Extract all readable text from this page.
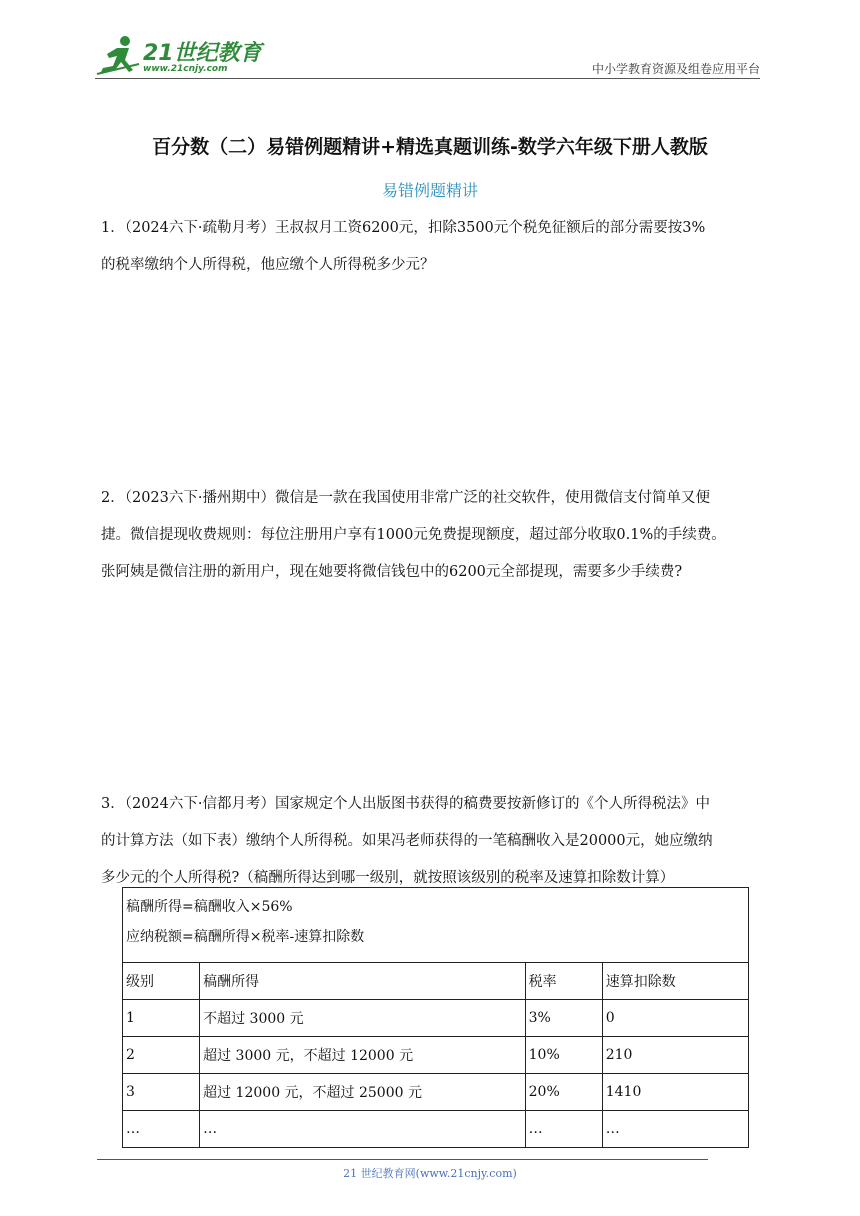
21世纪教育
www.21cnjy.com	中小学教育资源及组卷应用平台
百分数（二）易错例题精讲+精选真题训练-数学六年级下册人教版
易错例题精讲
1．（2024六下·疏勒月考）王叔叔月工资6200元，扣除3500元个税免征额后的部分需要按3%
的税率缴纳个人所得税，他应缴个人所得税多少元？
2．（2023六下·播州期中）微信是一款在我国使用非常广泛的社交软件，使用微信支付简单又便
捷。微信提现收费规则：每位注册用户享有1000元免费提现额度，超过部分收取0.1%的手续费。
张阿姨是微信注册的新用户，现在她要将微信钱包中的6200元全部提现，需要多少手续费?
3．（2024六下·信都月考）国家规定个人出版图书获得的稿费要按新修订的《个人所得税法》中
的计算方法（如下表）缴纳个人所得税。如果冯老师获得的一笔稿酬收入是20000元，她应缴纳
多少元的个人所得税?（稿酬所得达到哪一级别，就按照该级别的税率及速算扣除数计算）
稿酬所得=稿酬收入×56%
应纳税额=稿酬所得×税率-速算扣除数			

级别	稿酬所得	税率	速算扣除数
1	不超过 3000 元	3%	0
2	超过 3000 元，不超过 12000 元	10%	210
3	超过 12000 元，不超过 25000 元	20%	1410
…	…	…	…
21 世纪教育网(www.21cnjy.com)
